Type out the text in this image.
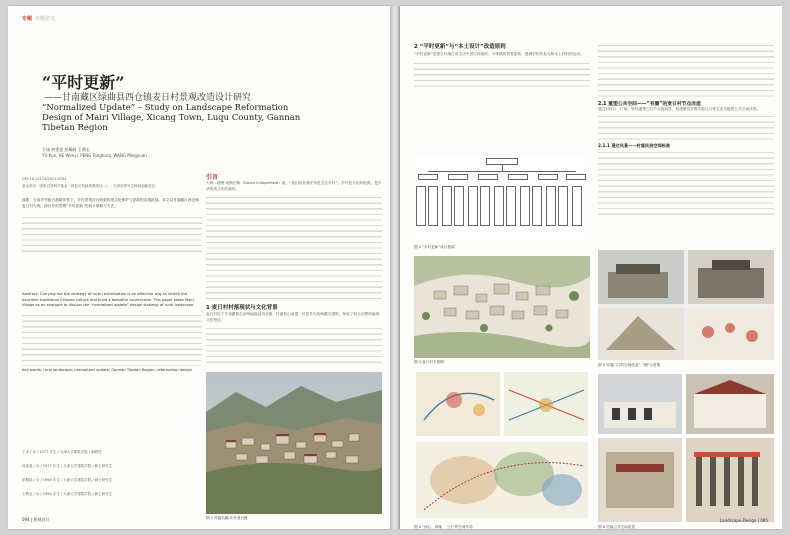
专题 专题论文
“平时更新”
——甘南藏区绿曲县西仓镇麦日村景观改造设计研究
“Normalized Update” – Study on Landscape Reformation Design of Mairi Village, Xicang Town, Luqu County, Gannan Tibetan Region
于冰 何雯意 彭桐同 王萌玉
YU Kun, HE Wenyi, PENG Tongtong, WANG Mingyuan
DOI 10.12174/2021.0704
基金项目：国家自然科学基金（绿色可持续景观项目…）；天津市研究生科研创新项目
摘要：当前乡村振兴战略背景下，乡村景观设计面临传统文化保护与更新的双重挑战。本文以甘南藏区西仓镇麦日村为例，探讨乡村景观“平时更新”的设计策略与方法。
Abstract: Carrying out the strategy of rural revitalization is an effective way to inherit the excellent traditional Chinese culture and build a beautiful countryside. This paper takes Mairi Village as an example to discuss the “normalized update” design strategy of rural landscape.
Key words: rural landscape; normalized update; Gannan Tibetan Region; reformation design
于冰 / 女 / 1977 年生 / 天津大学建筑学院 / 副教授
何雯意 / 女 / 1977 年生 / 天津大学建筑学院 / 硕士研究生
彭桐同 / 女 / 1994 年生 / 天津大学建筑学院 / 硕士研究生
王萌玉 / 女 / 1994 年生 / 天津大学建筑学院 / 硕士研究生
引言
大师…德鲁·切斯伯格（David Chipperfield）说，“我们的首要任务是关注乡村”。乡村是文化的根源，是中华传统文化的载体。
1 麦日村村落现状与文化背景
麦日村位于甘南藏族自治州碌曲县西仓镇，村落依山而建，民居多为传统藏式建筑，保留了较为完整的地域文化特征。
图 1 村落鸟瞰 ©作者自摄
094 | 景观设计
2 “平时更新”与“本土设计”改造原则
“平时更新”是指在村落日常生活中进行持续的、小规模的景观更新，强调村民的参与和本土材料的运用。
图 2 “平时更新”设计框架
图 3 麦日村平面图
图 4 “两心、两轴、三区”的空间布局
2.1 重塑公共空间——“有圈”的麦日村节点改造
通过对村口、广场、转经道等公共节点的改造，构建兼具宗教功能与日常生活功能的公共空间体系。
2.1.1 通过风景——村落民居空间标准
图 5 村落门口的空间改造“一圈”示意图
图 6 村落公共空间改造
Landscape Design | 095
